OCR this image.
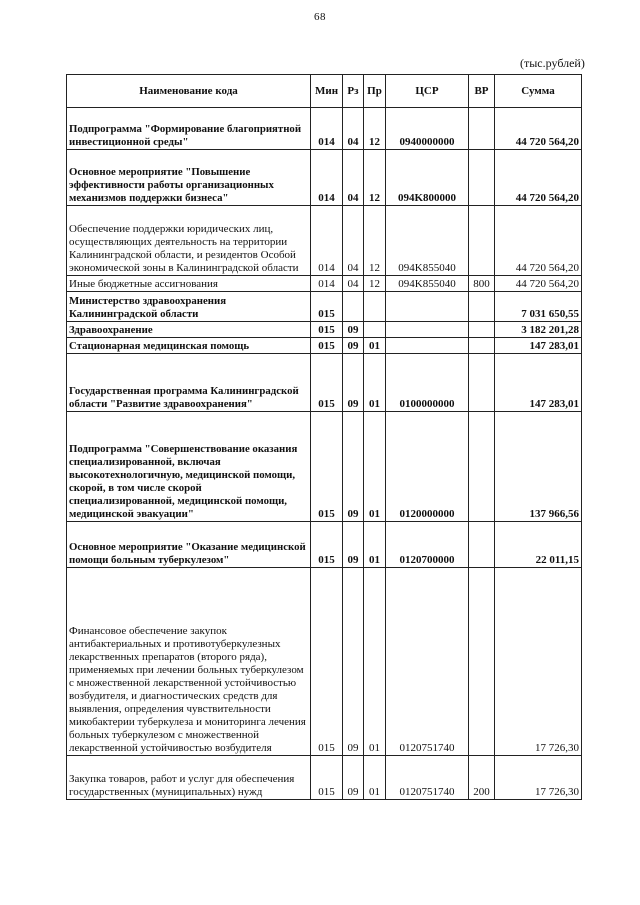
68
(тыс.рублей)
Наименование кода	Мин	Рз	Пр	ЦСР	ВР	Сумма
Подпрограмма "Формирование благоприятной инвестиционной среды"	014	04	12	0940000000		44 720 564,20
Основное мероприятие "Повышение эффективности работы организационных механизмов поддержки бизнеса"	014	04	12	094K800000		44 720 564,20
Обеспечение поддержки юридических лиц, осуществляющих деятельность на территории Калининградской области, и резидентов Особой экономической зоны в Калининградской области	014	04	12	094K855040		44 720 564,20
Иные бюджетные ассигнования	014	04	12	094K855040	800	44 720 564,20
Министерство здравоохранения Калининградской области	015					7 031 650,55
Здравоохранение	015	09				3 182 201,28
Стационарная медицинская помощь	015	09	01			147 283,01
Государственная программа Калининградской области "Развитие здравоохранения"	015	09	01	0100000000		147 283,01
Подпрограмма "Совершенствование оказания специализированной, включая высокотехнологичную, медицинской помощи, скорой, в том числе скорой специализированной, медицинской помощи, медицинской эвакуации"	015	09	01	0120000000		137 966,56
Основное мероприятие "Оказание медицинской помощи больным туберкулезом"	015	09	01	0120700000		22 011,15
Финансовое обеспечение закупок антибактериальных и противотуберкулезных лекарственных препаратов (второго ряда), применяемых при лечении больных туберкулезом с множественной лекарственной устойчивостью возбудителя, и диагностических средств для выявления, определения чувствительности микобактерии туберкулеза и мониторинга лечения больных туберкулезом с множественной лекарственной устойчивостью возбудителя	015	09	01	0120751740		17 726,30
Закупка товаров, работ и услуг для обеспечения государственных (муниципальных) нужд	015	09	01	0120751740	200	17 726,30
